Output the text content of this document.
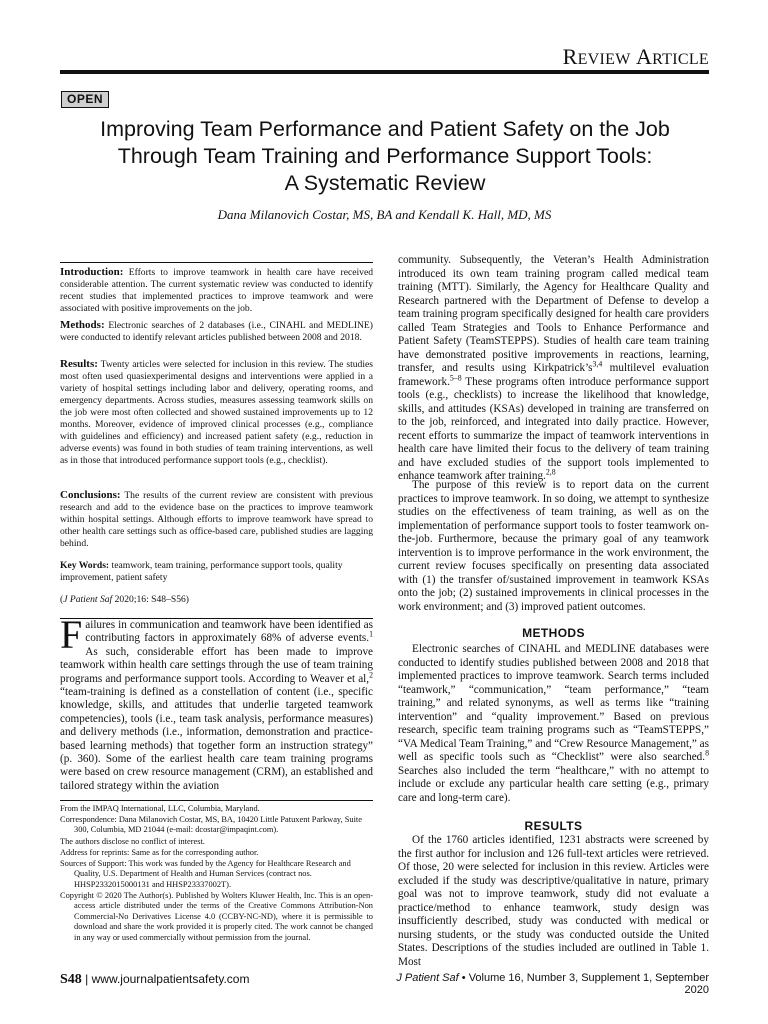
REVIEW ARTICLE
OPEN
Improving Team Performance and Patient Safety on the Job
Through Team Training and Performance Support Tools:
A Systematic Review
Dana Milanovich Costar, MS, BA and Kendall K. Hall, MD, MS

Introduction: Efforts to improve teamwork in health care have received considerable attention. The current systematic review was conducted to identify recent studies that implemented practices to improve teamwork and were associated with positive improvements on the job.

Methods: Electronic searches of 2 databases (i.e., CINAHL and MEDLINE) were conducted to identify relevant articles published between 2008 and 2018.

Results: Twenty articles were selected for inclusion in this review. The studies most often used quasiexperimental designs and interventions were applied in a variety of hospital settings including labor and delivery, operating rooms, and emergency departments. Across studies, measures assessing teamwork skills on the job were most often collected and showed sustained improvements up to 12 months. Moreover, evidence of improved clinical processes (e.g., compliance with guidelines and efficiency) and increased patient safety (e.g., reduction in adverse events) was found in both studies of team training interventions, as well as in those that introduced performance support tools (e.g., checklist).

Conclusions: The results of the current review are consistent with previous research and add to the evidence base on the practices to improve teamwork within hospital settings. Although efforts to improve teamwork have spread to other health care settings such as office-based care, published studies are lagging behind.

Key Words: teamwork, team training, performance support tools, quality improvement, patient safety

(J Patient Saf 2020;16: S48–S56)

Failures in communication and teamwork have been identified as contributing factors in approximately 68% of adverse events.$^1$ As such, considerable effort has been made to improve teamwork within health care settings through the use of team training programs and performance support tools. According to Weaver et al,$^2$ “team-training is defined as a constellation of content (i.e., specific knowledge, skills, and attitudes that underlie targeted teamwork competencies), tools (i.e., team task analysis, performance measures) and delivery methods (i.e., information, demonstration and practice-based learning methods) that together form an instruction strategy” (p. 360). Some of the earliest health care team training programs were based on crew resource management (CRM), an established and tailored strategy within the aviation

From the IMPAQ International, LLC, Columbia, Maryland.

Correspondence: Dana Milanovich Costar, MS, BA, 10420 Little Patuxent Parkway, Suite 300, Columbia, MD 21044 (e-mail: dcostar@impaqint.com).

The authors disclose no conflict of interest.

Address for reprints: Same as for the corresponding author.

Sources of Support: This work was funded by the Agency for Healthcare Research and Quality, U.S. Department of Health and Human Services (contract nos. HHSP2332015000131 and HHSP23337002T).

Copyright © 2020 The Author(s). Published by Wolters Kluwer Health, Inc. This is an open-access article distributed under the terms of the Creative Commons Attribution-Non Commercial-No Derivatives License 4.0 (CCBY-NC-ND), where it is permissible to download and share the work provided it is properly cited. The work cannot be changed in any way or used commercially without permission from the journal.

community. Subsequently, the Veteran’s Health Administration introduced its own team training program called medical team training (MTT). Similarly, the Agency for Healthcare Quality and Research partnered with the Department of Defense to develop a team training program specifically designed for health care providers called Team Strategies and Tools to Enhance Performance and Patient Safety (TeamSTEPPS). Studies of health care team training have demonstrated positive improvements in reactions, learning, transfer, and results using $Kirkpatrick’s^{3,4}$ multilevel evaluation framework.$^{5-8}$ These programs often introduce performance support tools (e.g., checklists) to increase the likelihood that knowledge, skills, and attitudes (KSAs) developed in training are transferred on to the job, reinforced, and integrated into daily practice. However, recent efforts to summarize the impact of teamwork interventions in health care have limited their focus to the delivery of team training and have excluded studies of the support tools implemented to enhance teamwork after training.$^{2,8}$

The purpose of this review is to report data on the current practices to improve teamwork. In so doing, we attempt to synthesize studies on the effectiveness of team training, as well as on the implementation of performance support tools to foster teamwork on-the-job. Furthermore, because the primary goal of any teamwork intervention is to improve performance in the work environment, the current review focuses specifically on presenting data associated with (1) the transfer of/sustained improvement in teamwork KSAs onto the job; (2) sustained improvements in clinical processes in the work environment; and (3) improved patient outcomes.

METHODS

Electronic searches of CINAHL and MEDLINE databases were conducted to identify studies published between 2008 and 2018 that implemented practices to improve teamwork. Search terms included “teamwork,” “communication,” “team performance,” “team training,” and related synonyms, as well as terms like “training intervention” and “quality improvement.” Based on previous research, specific team training programs such as “TeamSTEPPS,” “VA Medical Team Training,” and “Crew Resource Management,” as well as specific tools such as “Checklist” were also searched.$^8$ Searches also included the term “healthcare,” with no attempt to include or exclude any particular health care setting (e.g., primary care and long-term care).

RESULTS

Of the 1760 articles identified, 1231 abstracts were screened by the first author for inclusion and 126 full-text articles were retrieved. Of those, 20 were selected for inclusion in this review. Articles were excluded if the study was descriptive/qualitative in nature, primary goal was not to improve teamwork, study did not evaluate a practice/method to enhance teamwork, study design was insufficiently described, study was conducted with medical or nursing students, or the study was conducted outside the United States. Descriptions of the studies included are outlined in Table 1. Most

S48 | www.journalpatientsafety.com	J Patient Saf • Volume 16, Number 3, Supplement 1, September 2020
